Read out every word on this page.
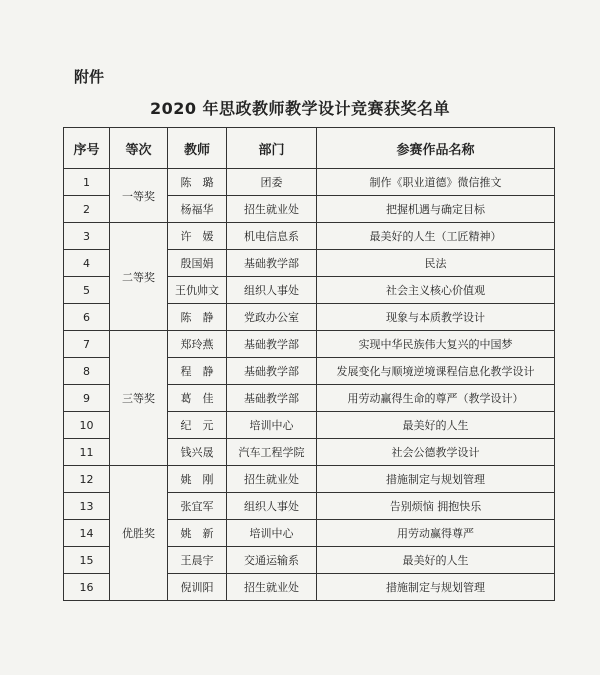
附件
2020 年思政教师教学设计竞赛获奖名单
序号	等次	教师	部门	参赛作品名称
1	一等奖	陈　璐	团委	制作《职业道德》微信推文
2		杨福华	招生就业处	把握机遇与确定目标
3	二等奖	许　媛	机电信息系	最美好的人生（工匠精神）
4		殷国娟	基础教学部	民法
5		王仇帅文	组织人事处	社会主义核心价值观
6		陈　静	党政办公室	现象与本质教学设计
7	三等奖	郑玲燕	基础教学部	实现中华民族伟大复兴的中国梦
8		程　静	基础教学部	发展变化与顺境逆境课程信息化教学设计
9		葛　佳	基础教学部	用劳动赢得生命的尊严（教学设计）
10		纪　元	培训中心	最美好的人生
11		钱兴晟	汽车工程学院	社会公德教学设计
12	优胜奖	姚　刚	招生就业处	措施制定与规划管理
13		张宜军	组织人事处	告别烦恼 拥抱快乐
14		姚　新	培训中心	用劳动赢得尊严
15		王晨宇	交通运输系	最美好的人生
16		倪训阳	招生就业处	措施制定与规划管理
